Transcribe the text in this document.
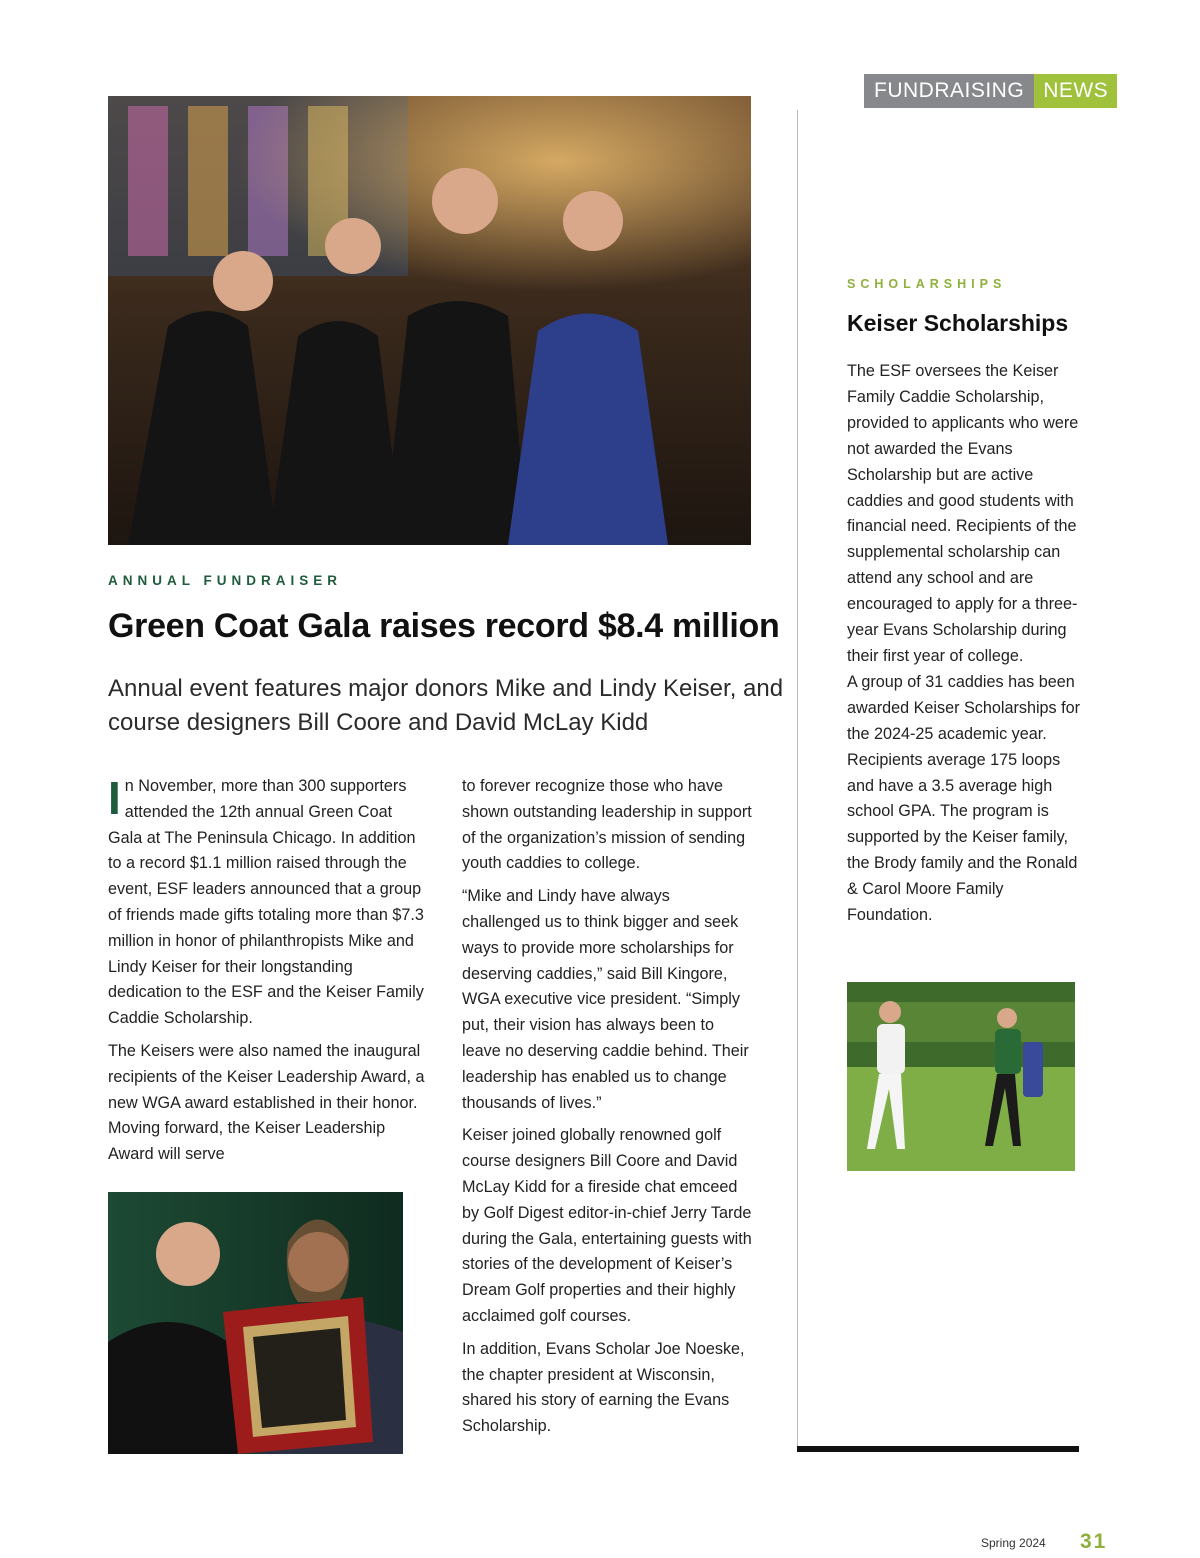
FUNDRAISING NEWS
ANNUAL FUNDRAISER
Green Coat Gala raises record $8.4 million
Annual event features major donors Mike and Lindy Keiser, and course designers Bill Coore and David McLay Kidd

In November, more than 300 supporters attended the 12th annual Green Coat Gala at The Peninsula Chicago. In addition to a record $1.1 million raised through the event, ESF leaders announced that a group of friends made gifts totaling more than $7.3 million in honor of philanthropists Mike and Lindy Keiser for their longstanding dedication to the ESF and the Keiser Family Caddie Scholarship.

The Keisers were also named the inaugural recipients of the Keiser Leadership Award, a new WGA award established in their honor. Moving forward, the Keiser Leadership Award will serve

to forever recognize those who have shown outstanding leadership in support of the organization’s mission of sending youth caddies to college.

“Mike and Lindy have always challenged us to think bigger and seek ways to provide more scholarships for deserving caddies,” said Bill Kingore, WGA executive vice president. “Simply put, their vision has always been to leave no deserving caddie behind. Their leadership has enabled us to change thousands of lives.”

Keiser joined globally renowned golf course designers Bill Coore and David McLay Kidd for a fireside chat emceed by Golf Digest editor-in-chief Jerry Tarde during the Gala, entertaining guests with stories of the development of Keiser’s Dream Golf properties and their highly acclaimed golf courses.

In addition, Evans Scholar Joe Noeske, the chapter president at Wisconsin, shared his story of earning the Evans Scholarship.

SCHOLARSHIPS
Keiser Scholarships

The ESF oversees the Keiser Family Caddie Scholarship, provided to applicants who were not awarded the Evans Scholarship but are active caddies and good students with financial need. Recipients of the supplemental scholarship can attend any school and are encouraged to apply for a three-year Evans Scholarship during their first year of college.

A group of 31 caddies has been awarded Keiser Scholarships for the 2024-25 academic year. Recipients average 175 loops and have a 3.5 average high school GPA. The program is supported by the Keiser family, the Brody family and the Ronald & Carol Moore Family Foundation.

Spring 2024 31
